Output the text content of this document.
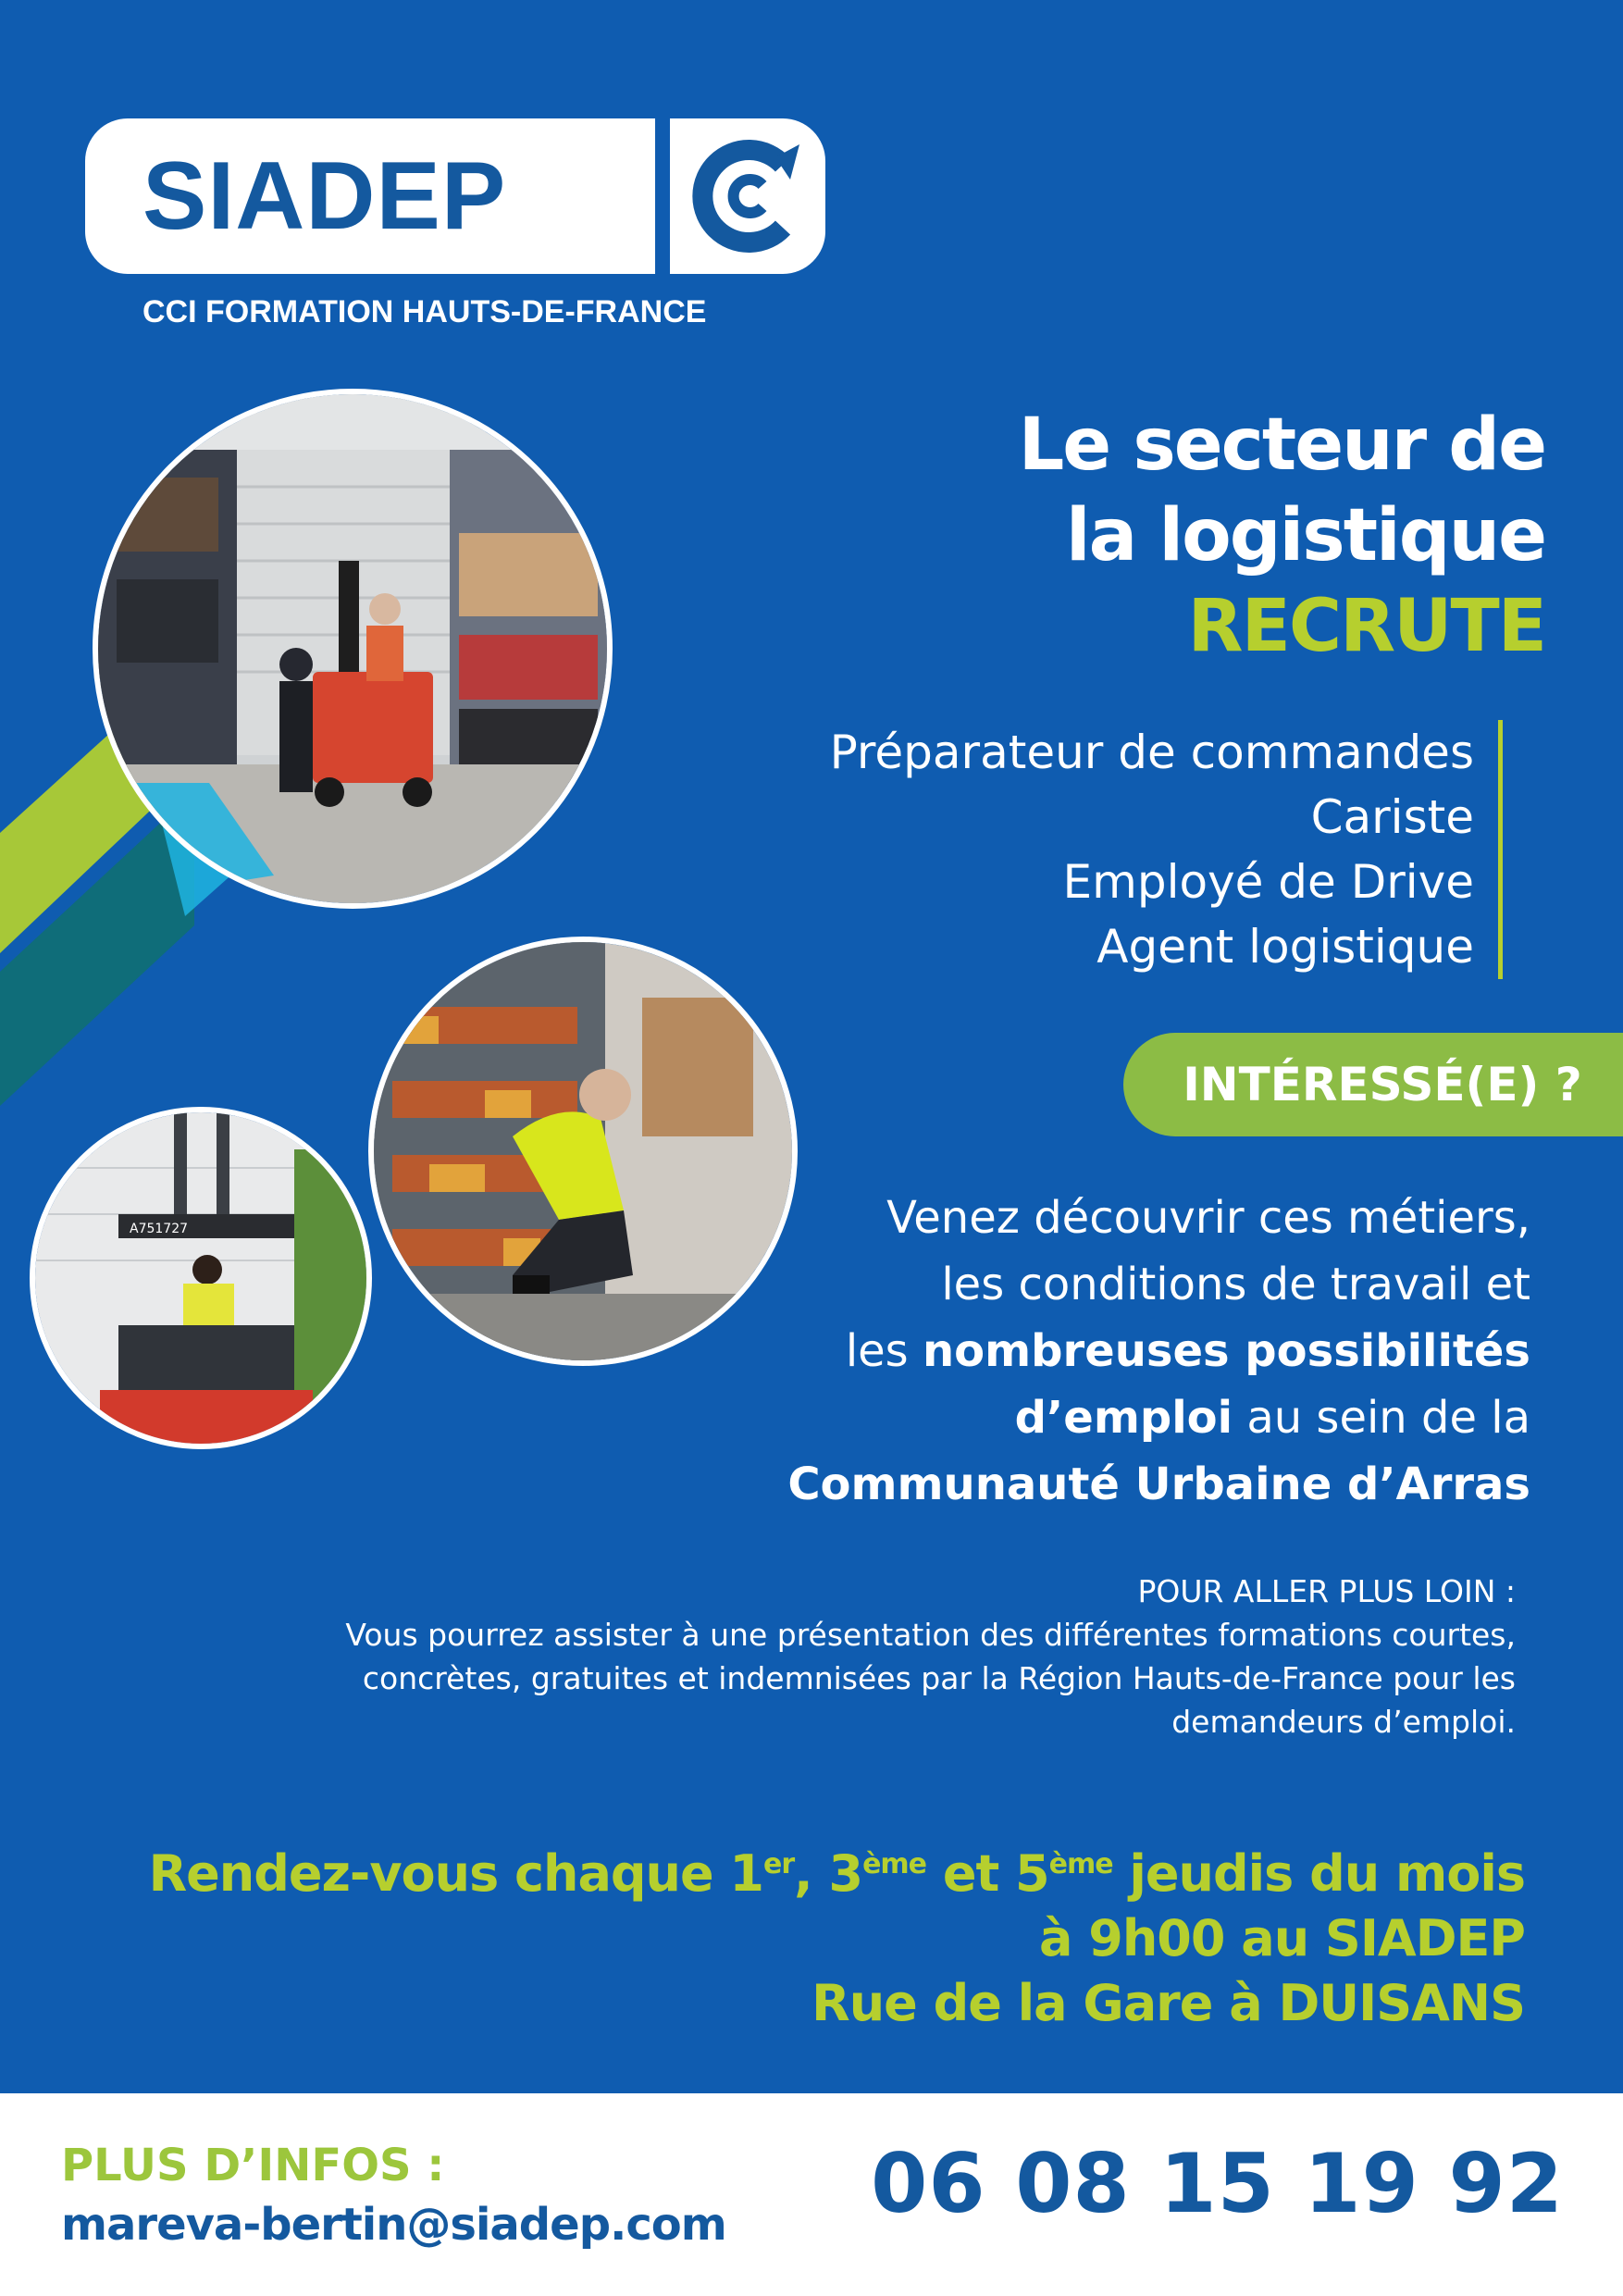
SIADEP
CCI FORMATION HAUTS-DE-FRANCE
A751727
Le secteur de
la logistique
RECRUTE
Préparateur de commandes
Cariste
Employé de Drive
Agent logistique
INTÉRESSÉ(E) ?

Venez découvrir ces métiers,
les conditions de travail et
les nombreuses possibilités
d’emploi au sein de la
Communauté Urbaine d’Arras

POUR ALLER PLUS LOIN :
Vous pourrez assister à une présentation des différentes formations courtes,
concrètes, gratuites et indemnisées par la Région Hauts-de-France pour les
demandeurs d’emploi.

Rendez-vous chaque 1er, 3ème et 5ème jeudis du mois
à 9h00 au SIADEP
Rue de la Gare à DUISANS

PLUS D’INFOS :
mareva-bertin@siadep.com 06 08 15 19 92
